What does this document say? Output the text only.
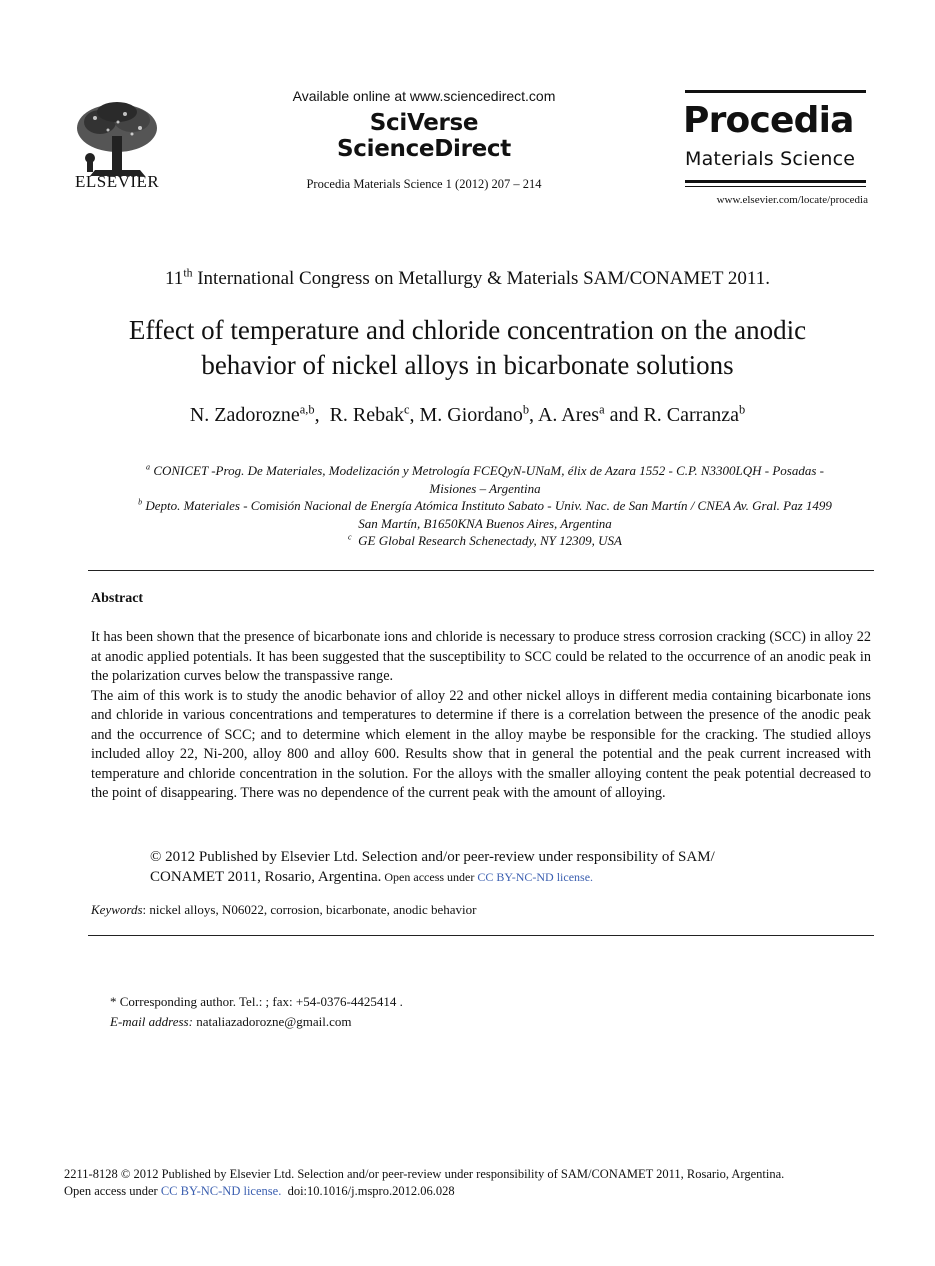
ELSEVIER
Available online at www.sciencedirect.com
SciVerse ScienceDirect
Procedia Materials Science 1 (2012) 207 – 214
Procedia
Materials Science
www.elsevier.com/locate/procedia
11th International Congress on Metallurgy & Materials SAM/CONAMET 2011.
Effect of temperature and chloride concentration on the anodic
behavior of nickel alloys in bicarbonate solutions
N. Zadorozne$^{a,b}$,  R. Rebak$^c$, M. Giordano$^b$, A. Ares$^a$ and R. Carranza$^b$
$^a$ CONICET -Prog. De Materiales, Modelización y Metrología FCEQyN-UNaM, élix de Azara 1552 - C.P. N3300LQH - Posadas -
Misiones – Argentina
$^b$ Depto. Materiales - Comisión Nacional de Energía Atómica Instituto Sabato - Univ. Nac. de San Martín / CNEA Av. Gral. Paz 1499
San Martín, B1650KNA Buenos Aires, Argentina
$^c$  GE Global Research Schenectady, NY 12309, USA
Abstract

It has been shown that the presence of bicarbonate ions and chloride is necessary to produce stress corrosion cracking (SCC) in alloy 22 at anodic applied potentials. It has been suggested that the susceptibility to SCC could be related to the occurrence of an anodic peak in the polarization curves below the transpassive range.

The aim of this work is to study the anodic behavior of alloy 22 and other nickel alloys in different media containing bicarbonate ions and chloride in various concentrations and temperatures to determine if there is a correlation between the presence of the anodic peak and the occurrence of SCC; and to determine which element in the alloy maybe be responsible for the cracking. The studied alloys included alloy 22, Ni-200, alloy 800 and alloy 600. Results show that in general the potential and the peak current increased with temperature and chloride concentration in the solution. For the alloys with the smaller alloying content the peak potential decreased to the point of disappearing. There was no dependence of the current peak with the amount of alloying.

© 2012 Published by Elsevier Ltd. Selection and/or peer-review under responsibility of SAM/
CONAMET 2011, Rosario, Argentina. Open access under CC BY-NC-ND license.
Keywords: nickel alloys, N06022, corrosion, bicarbonate, anodic behavior
* Corresponding author. Tel.: ; fax: +54-0376-4425414 .
E-mail address: nataliazadorozne@gmail.com
2211-8128 © 2012 Published by Elsevier Ltd. Selection and/or peer-review under responsibility of SAM/CONAMET 2011, Rosario, Argentina.
Open access under CC BY-NC-ND license.  doi:10.1016/j.mspro.2012.06.028
